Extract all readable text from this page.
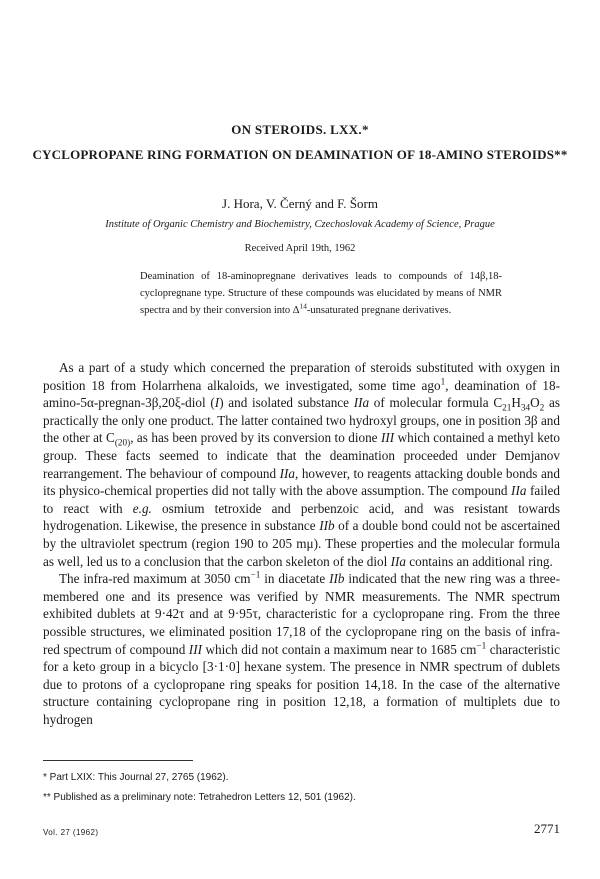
ON STEROIDS. LXX.*
CYCLOPROPANE RING FORMATION ON DEAMINATION OF 18-AMINO STEROIDS**
J. Hora, V. Černý and F. Šorm
Institute of Organic Chemistry and Biochemistry, Czechoslovak Academy of Science, Prague
Received April 19th, 1962
Deamination of 18-aminopregnane derivatives leads to compounds of 14β,18-cyclopregnane type. Structure of these compounds was elucidated by means of NMR spectra and by their conversion into $\Delta^{14}$-unsaturated pregnane derivatives.

As a part of a study which concerned the preparation of steroids substituted with oxygen in position 18 from Holarrhena alkaloids, we investigated, some time ago$^1$, deamination of 18-amino-5α-pregnan-3β,20ξ-diol (I) and isolated substance IIa of molecular formula $C_{21}H_{34}O_2$ as practically the only one product. The latter contained two hydroxyl groups, one in position 3β and the other at $C_{(20)}$, as has been proved by its conversion to dione III which contained a methyl keto group. These facts seemed to indicate that the deamination proceeded under Demjanov rearrangement. The behaviour of compound IIa, however, to reagents attacking double bonds and its physico-chemical properties did not tally with the above assumption. The compound IIa failed to react with e.g. osmium tetroxide and perbenzoic acid, and was resistant towards hydrogenation. Likewise, the presence in substance IIb of a double bond could not be ascertained by the ultraviolet spectrum (region 190 to 205 mμ). These properties and the molecular formula as well, led us to a conclusion that the carbon skeleton of the diol IIa contains an additional ring.

The infra-red maximum at 3050 $cm^{-1}$ in diacetate IIb indicated that the new ring was a three-membered one and its presence was verified by NMR measurements. The NMR spectrum exhibited dublets at 9·42τ and at 9·95τ, characteristic for a cyclopropane ring. From the three possible structures, we eliminated position 17,18 of the cyclopropane ring on the basis of infra-red spectrum of compound III which did not contain a maximum near to 1685 $cm^{-1}$ characteristic for a keto group in a bicyclo [3·1·0] hexane system. The presence in NMR spectrum of dublets due to protons of a cyclopropane ring speaks for position 14,18. In the case of the alternative structure containing cyclopropane ring in position 12,18, a formation of multiplets due to hydrogen

* Part LXIX: This Journal 27, 2765 (1962).
** Published as a preliminary note: Tetrahedron Letters 12, 501 (1962).
Vol. 27 (1962)	2771
